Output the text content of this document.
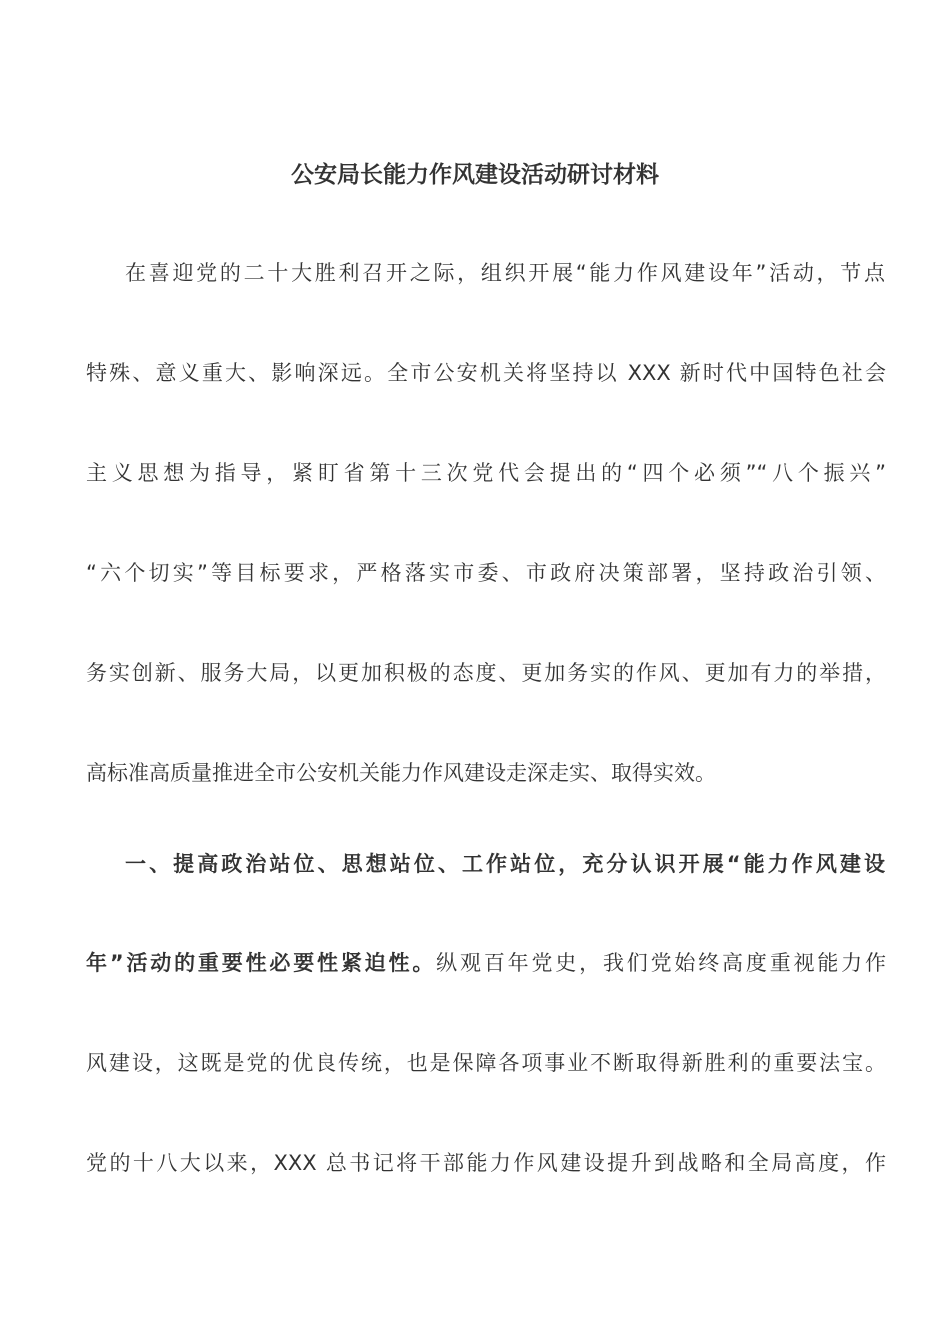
公安局长能力作风建设活动研讨材料
在喜迎党的二十大胜利召开之际，组织开展“能力作风建设年”活动，节点
特殊、意义重大、影响深远。全市公安机关将坚持以 XXX 新时代中国特色社会
主义思想为指导，紧盯省第十三次党代会提出的“四个必须”“八个振兴”
“六个切实”等目标要求，严格落实市委、市政府决策部署，坚持政治引领、
务实创新、服务大局，以更加积极的态度、更加务实的作风、更加有力的举措，
高标准高质量推进全市公安机关能力作风建设走深走实、取得实效。
一、提高政治站位、思想站位、工作站位，充分认识开展“能力作风建设
年”活动的重要性必要性紧迫性。纵观百年党史，我们党始终高度重视能力作
风建设，这既是党的优良传统，也是保障各项事业不断取得新胜利的重要法宝。
党的十八大以来，XXX 总书记将干部能力作风建设提升到战略和全局高度，作
